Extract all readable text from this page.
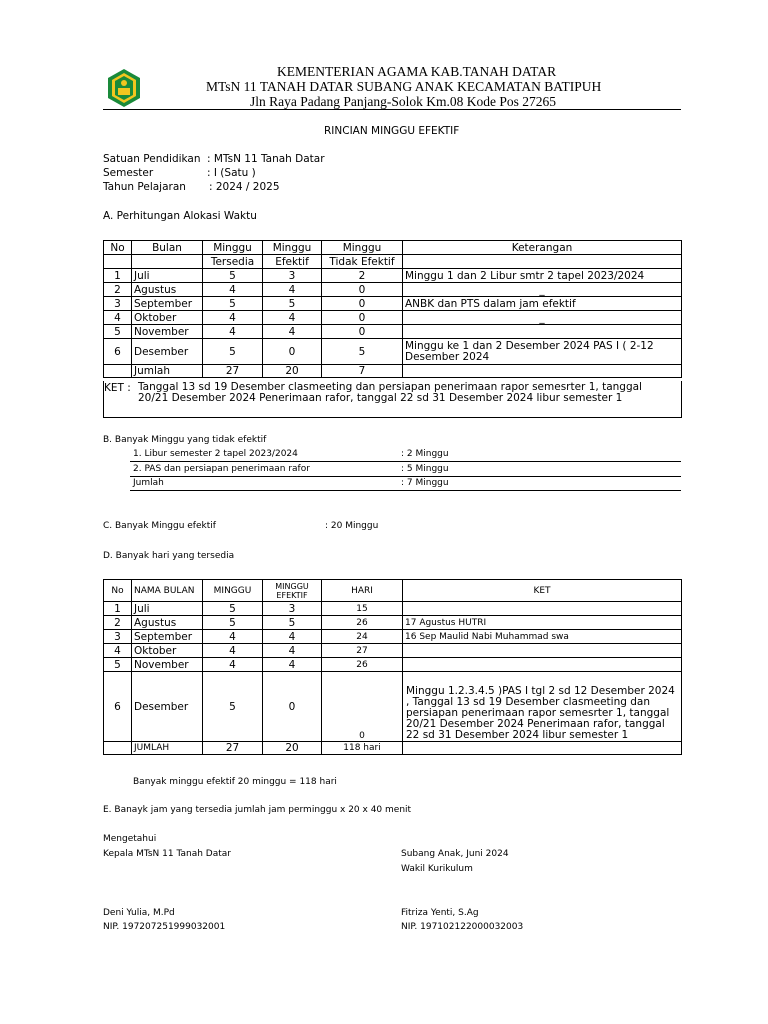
KEMENTERIAN AGAMA KAB.TANAH DATAR
MTsN 11 TANAH DATAR SUBANG ANAK KECAMATAN BATIPUH
Jln Raya Padang Panjang-Solok Km.08 Kode Pos 27265
RINCIAN MINGGU EFEKTIF
Satuan Pendidikan : MTsN 11 Tanah Datar
Semester	: I (Satu )
Tahun Pelajaran : 2024 / 2025
A. Perhitungan Alokasi Waktu
No	Bulan	Minggu	Minggu	Minggu	Keterangan
		Tersedia	Efektif	Tidak Efektif	
1	Juli	5	3	2	Minggu 1 dan 2 Libur smtr 2 tapel 2023/2024
2	Agustus	4	4	0	_
3	September	5	5	0	ANBK dan PTS dalam jam efektif
4	Oktober	4	4	0	_
5	November	4	4	0	
6	Desember	5	0	5	Minggu ke 1 dan 2 Desember 2024 PAS I ( 2-12 Desember 2024
	Jumlah	27	20	7	
KET : Tanggal 13 sd 19 Desember clasmeeting dan persiapan penerimaan rapor semesrter 1, tanggal 20/21 Desember 2024 Penerimaan rafor, tanggal 22 sd 31 Desember 2024 libur semester 1
B. Banyak Minggu yang tidak efektif
1. Libur semester 2 tapel 2023/2024	: 2 Minggu
2. PAS dan persiapan penerimaan rafor	: 5 Minggu
Jumlah	: 7 Minggu
C. Banyak Minggu efektif	: 20 Minggu
D. Banyak hari yang tersedia
No	NAMA BULAN	MINGGU	MINGGU EFEKTIF	HARI	KET
1	Juli	5	3	15	
2	Agustus	5	5	26	17 Agustus HUTRI
3	September	4	4	24	16 Sep Maulid Nabi Muhammad swa
4	Oktober	4	4	27	
5	November	4	4	26	
6	Desember	5	0	0	Minggu 1.2.3.4.5 )PAS I tgl 2 sd 12 Desember 2024 , Tanggal 13 sd 19 Desember clasmeeting dan persiapan penerimaan rapor semesrter 1, tanggal 20/21 Desember 2024 Penerimaan rafor, tanggal 22 sd 31 Desember 2024 libur semester 1
	JUMLAH	27	20	118 hari	
Banyak minggu efektif 20 minggu = 118 hari
E. Banayk jam yang tersedia jumlah jam perminggu x 20 x 40 menit
Mengetahui
Kepala MTsN 11 Tanah Datar	Subang Anak, Juni 2024
Wakil Kurikulum
Deni Yulia, M.Pd
NIP. 197207251999032001
Fitriza Yenti, S.Ag
NIP. 197102122000032003
